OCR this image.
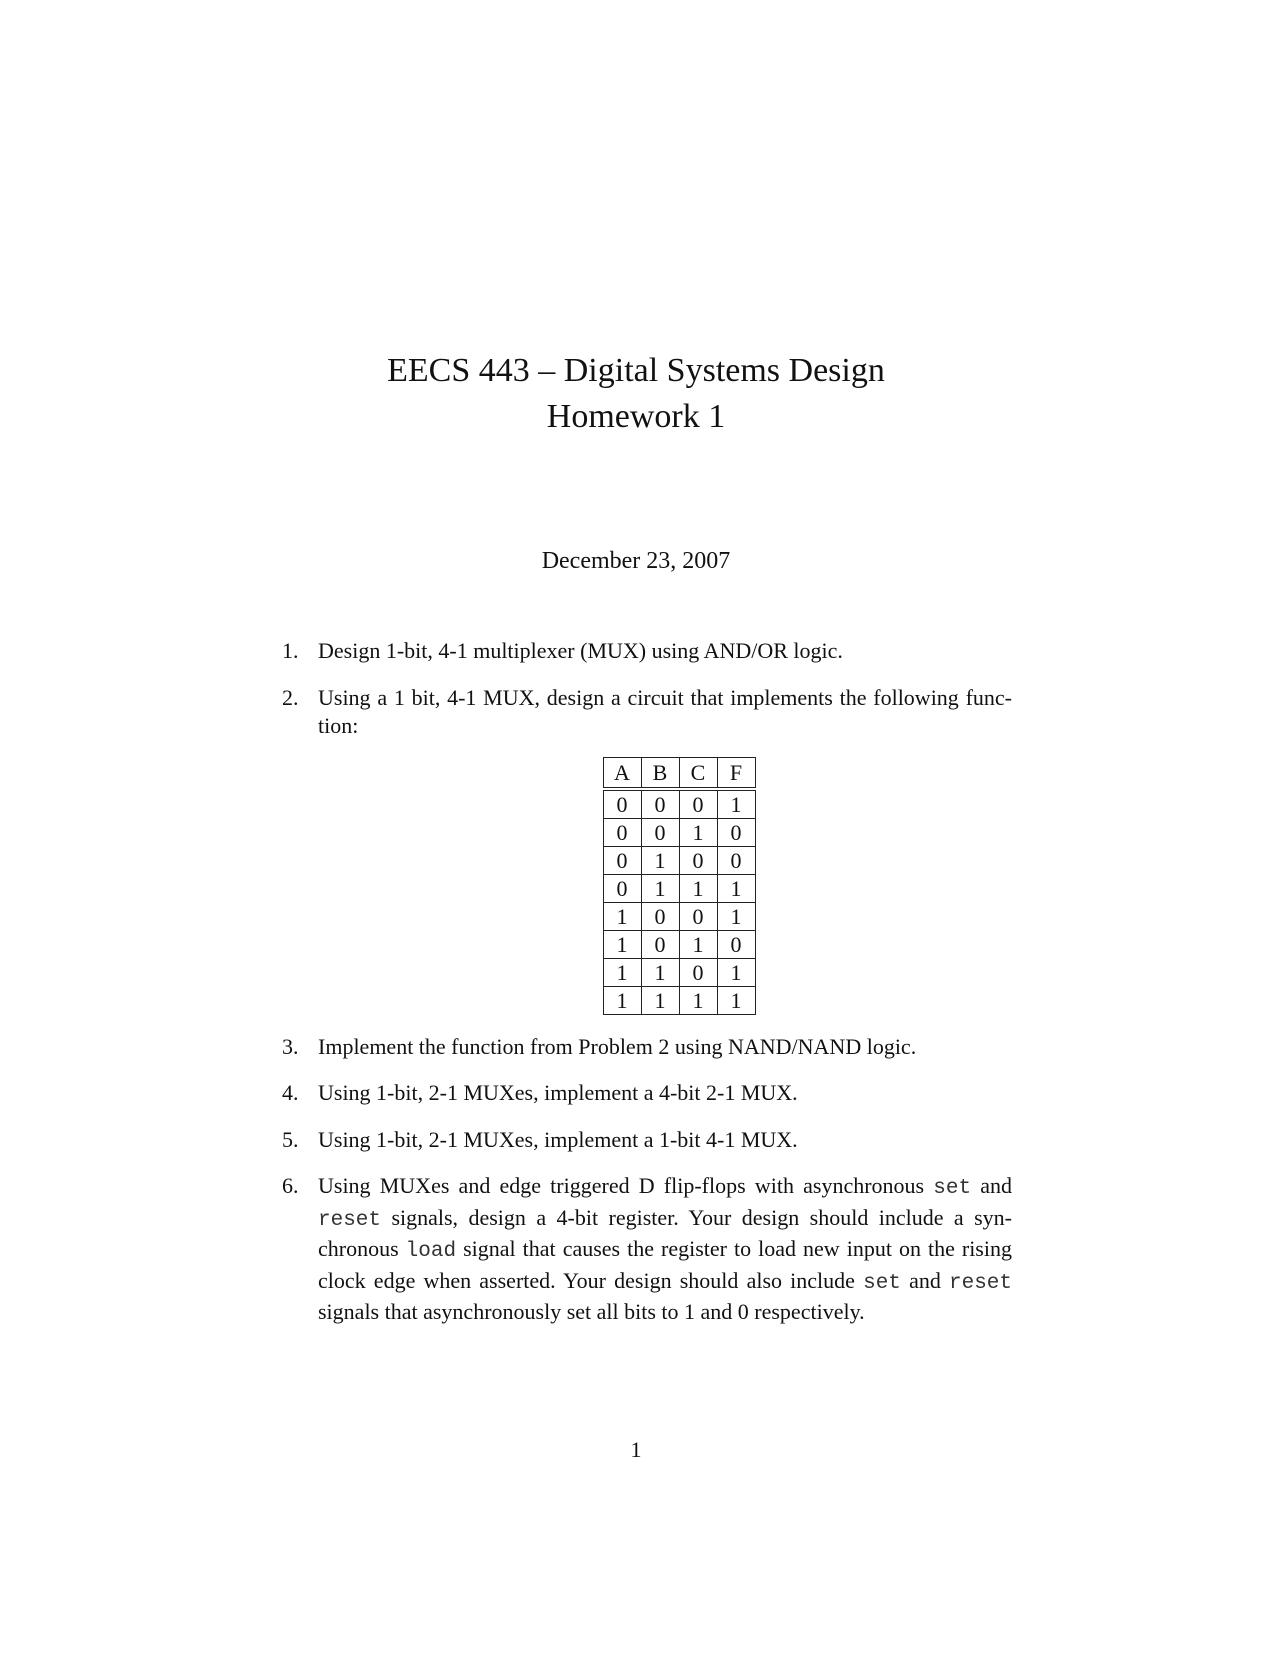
EECS 443 – Digital Systems Design
Homework 1
December 23, 2007
1. Design 1-bit, 4-1 multiplexer (MUX) using AND/OR logic.
2. Using a 1 bit, 4-1 MUX, design a circuit that implements the following func-tion:
A	B	C	F
0	0	0	1
0	0	1	0
0	1	0	0
0	1	1	1
1	0	0	1
1	0	1	0
1	1	0	1
1	1	1	1
3. Implement the function from Problem 2 using NAND/NAND logic.
4. Using 1-bit, 2-1 MUXes, implement a 4-bit 2-1 MUX.
5. Using 1-bit, 2-1 MUXes, implement a 1-bit 4-1 MUX.
6. Using MUXes and edge triggered D flip-flops with asynchronous set and reset signals, design a 4-bit register. Your design should include a syn-chronous load signal that causes the register to load new input on the rising clock edge when asserted. Your design should also include set and reset signals that asynchronously set all bits to 1 and 0 respectively.
1
